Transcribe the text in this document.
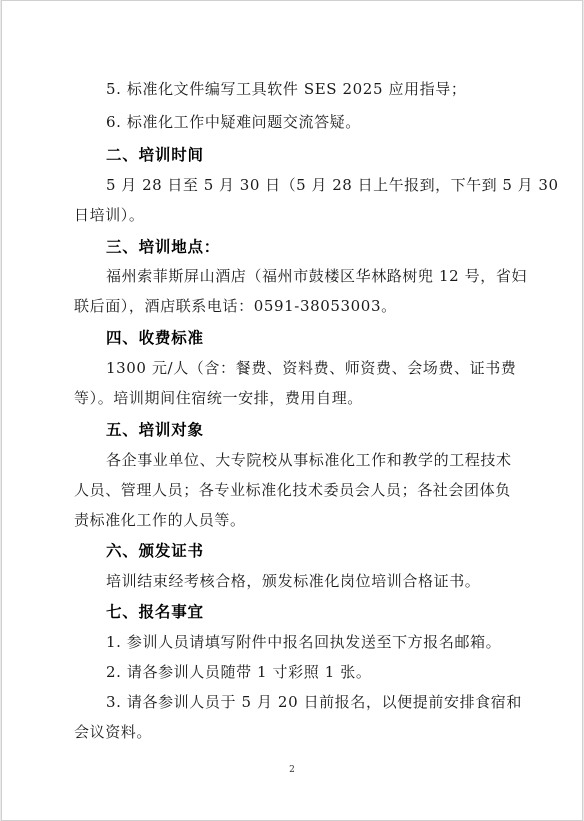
5. 标准化文件编写工具软件 SES 2025 应用指导；
6. 标准化工作中疑难问题交流答疑。
二、培训时间
5 月 28 日至 5 月 30 日（5 月 28 日上午报到，下午到 5 月 30
日培训）。
三、培训地点：
福州索菲斯屏山酒店（福州市鼓楼区华林路树兜 12 号，省妇
联后面），酒店联系电话：0591-38053003。
四、收费标准
1300 元/人（含：餐费、资料费、师资费、会场费、证书费
等）。培训期间住宿统一安排，费用自理。
五、培训对象
各企事业单位、大专院校从事标准化工作和教学的工程技术
人员、管理人员；各专业标准化技术委员会人员；各社会团体负
责标准化工作的人员等。
六、颁发证书
培训结束经考核合格，颁发标准化岗位培训合格证书。
七、报名事宜
1. 参训人员请填写附件中报名回执发送至下方报名邮箱。
2. 请各参训人员随带 1 寸彩照 1 张。
3. 请各参训人员于 5 月 20 日前报名，以便提前安排食宿和
会议资料。
2
